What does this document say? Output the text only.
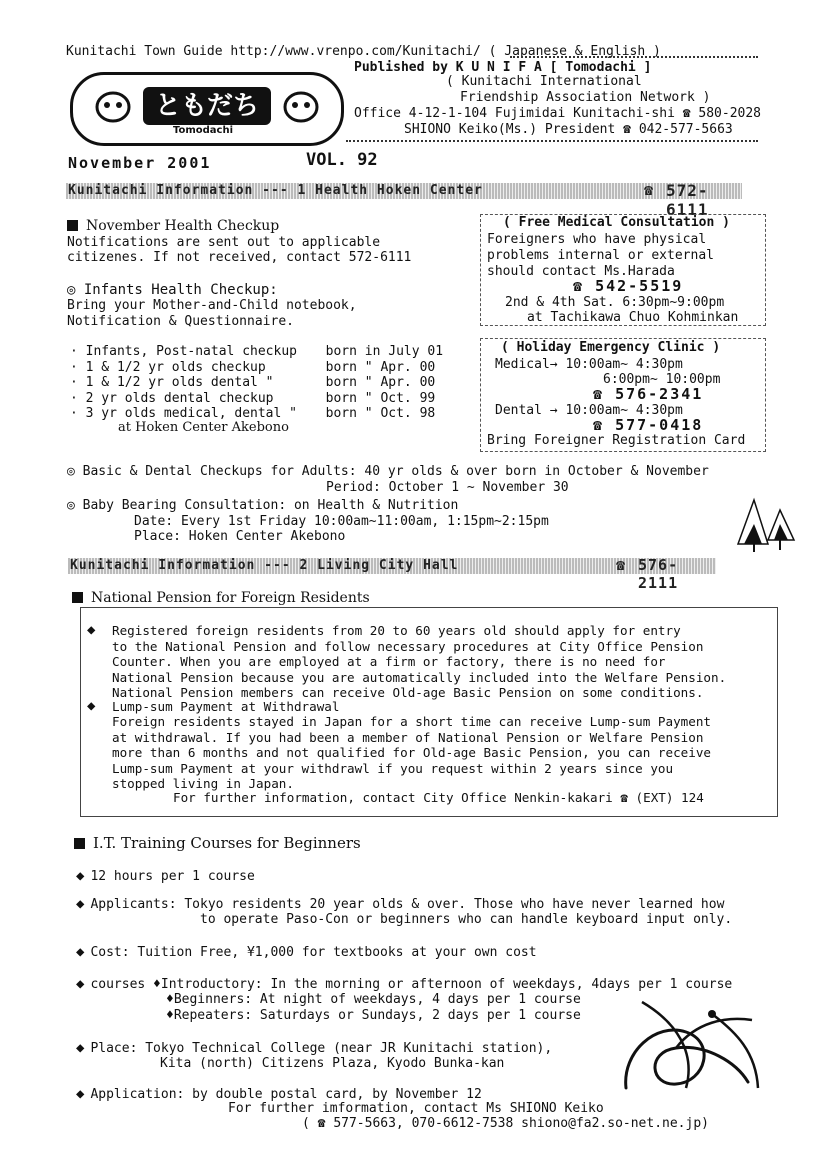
Kunitachi Town Guide http://www.vrenpo.com/Kunitachi/ ( Japanese & English )
Published by K U N I F A [ Tomodachi ]
( Kunitachi International
Friendship Association Network )
Office 4-12-1-104 Fujimidai Kunitachi-shi ☎ 580-2028
SHIONO Keiko(Ms.) President ☎ 042-577-5663
ともだち
Tomodachi
November 2001	VOL. 92
Kunitachi Information --- 1 Health Hoken Center	☎ 572-6111
November Health Checkup
Notifications are sent out to applicable
citizenes. If not received, contact 572-6111
◎ Infants Health Checkup:
Bring your Mother-and-Child notebook,
Notification & Questionnaire.
· Infants, Post-natal checkup born in July 01
· 1 & 1/2 yr olds checkup	born " Apr. 00
· 1 & 1/2 yr olds dental "	born " Apr. 00
· 2 yr olds dental checkup	born " Oct. 99
· 3 yr olds medical, dental " born " Oct. 98
at Hoken Center Akebono
( Free Medical Consultation )
Foreigners who have physical
problems internal or external
should contact Ms.Harada
☎ 542-5519
2nd & 4th Sat. 6:30pm~9:00pm
at Tachikawa Chuo Kohminkan
( Holiday Emergency Clinic )
Medical→ 10:00am~ 4:30pm
6:00pm~ 10:00pm
☎ 576-2341
Dental → 10:00am~ 4:30pm
☎ 577-0418
Bring Foreigner Registration Card
◎ Basic & Dental Checkups for Adults: 40 yr olds & over born in October & November
Period: October 1 ~ November 30
◎ Baby Bearing Consultation: on Health & Nutrition
Date: Every 1st Friday 10:00am~11:00am, 1:15pm~2:15pm
Place: Hoken Center Akebono
Kunitachi Information --- 2 Living City Hall	☎ 576-2111
National Pension for Foreign Residents
◆ Registered foreign residents from 20 to 60 years old should apply for entry
to the National Pension and follow necessary procedures at City Office Pension
Counter. When you are employed at a firm or factory, there is no need for
National Pension because you are automatically included into the Welfare Pension.
National Pension members can receive Old-age Basic Pension on some conditions.
◆ Lump-sum Payment at Withdrawal
Foreign residents stayed in Japan for a short time can receive Lump-sum Payment
at withdrawal. If you had been a member of National Pension or Welfare Pension
more than 6 months and not qualified for Old-age Basic Pension, you can receive
Lump-sum Payment at your withdrawl if you request within 2 years since you
stopped living in Japan.
For further information, contact City Office Nenkin-kakari ☎ (EXT) 124
I.T. Training Courses for Beginners
◆ 12 hours per 1 course
◆ Applicants: Tokyo residents 20 year olds & over. Those who have never learned how
to operate Paso-Con or beginners who can handle keyboard input only.
◆ Cost: Tuition Free, ¥1,000 for textbooks at your own cost
◆ courses ♦Introductory: In the morning or afternoon of weekdays, 4days per 1 course
♦Beginners: At night of weekdays, 4 days per 1 course
♦Repeaters: Saturdays or Sundays, 2 days per 1 course
◆ Place: Tokyo Technical College (near JR Kunitachi station),
Kita (north) Citizens Plaza, Kyodo Bunka-kan
◆ Application: by double postal card, by November 12
For further imformation, contact Ms SHIONO Keiko
( ☎ 577-5663, 070-6612-7538 shiono@fa2.so-net.ne.jp)
